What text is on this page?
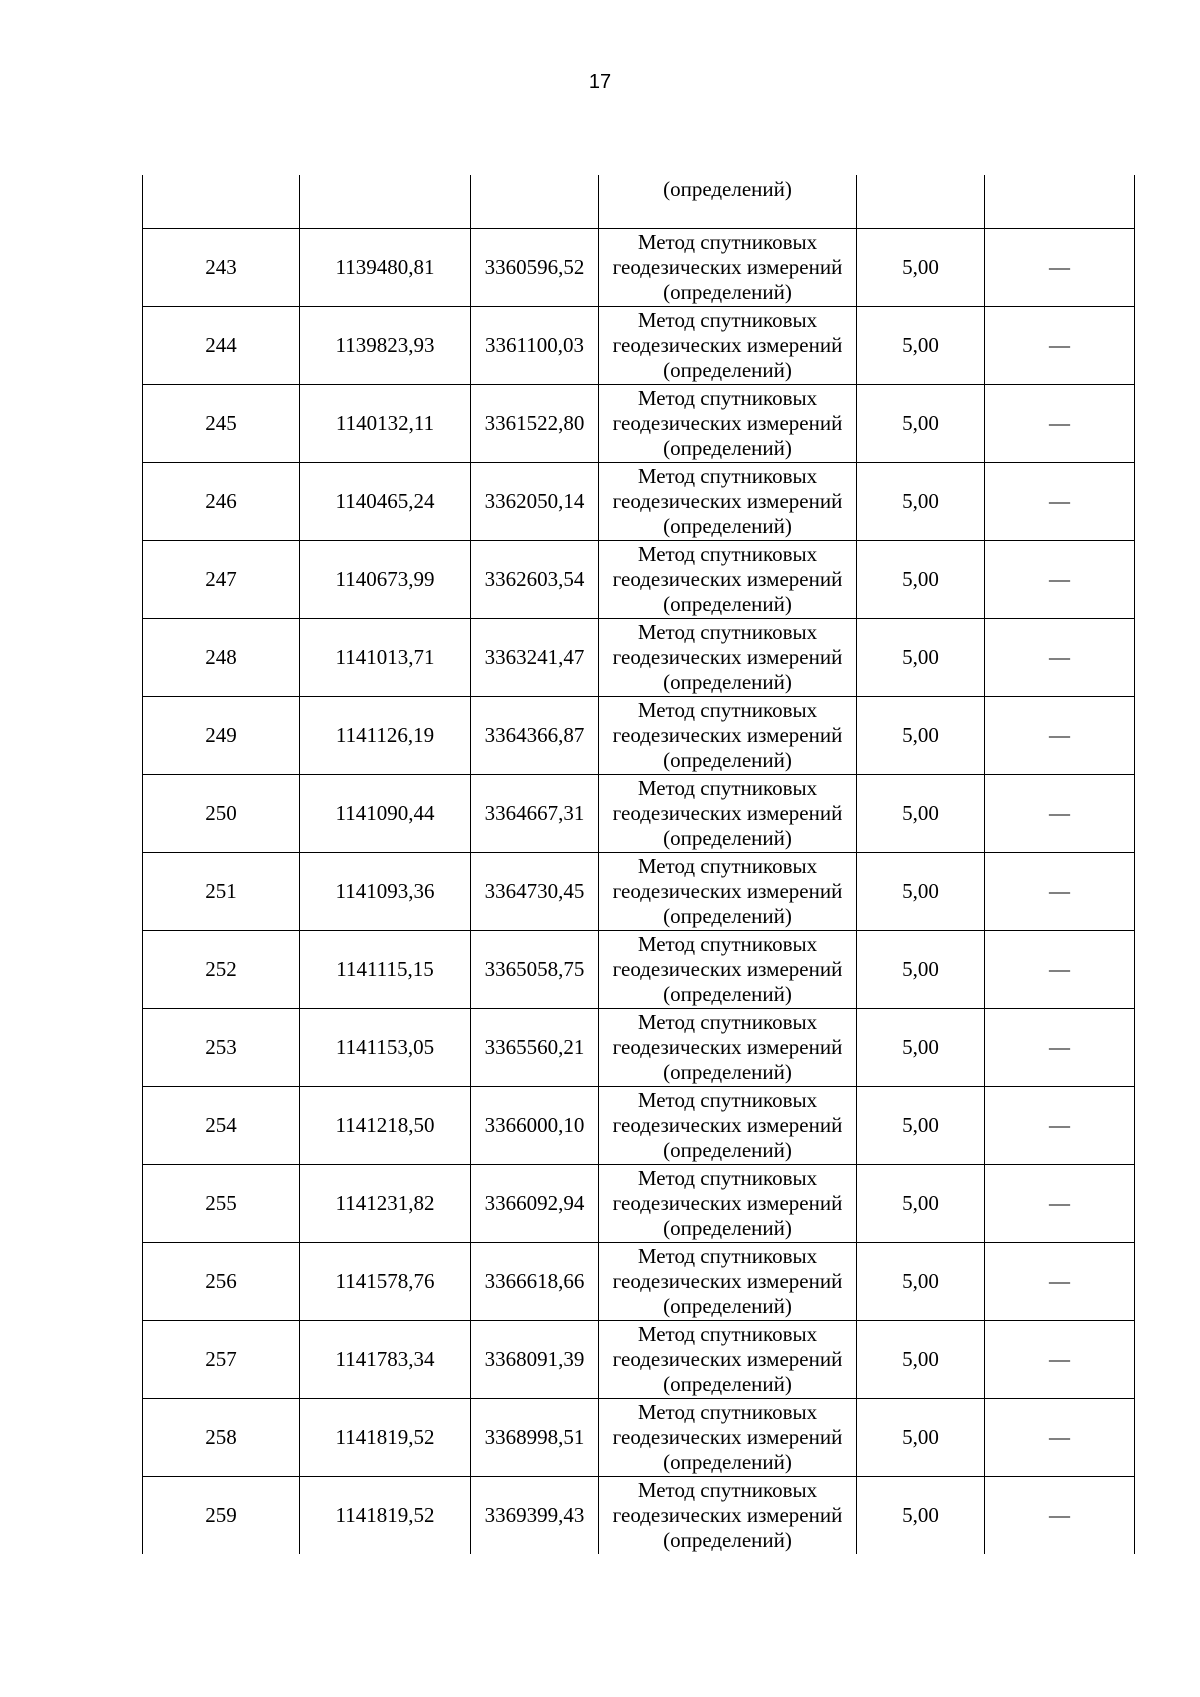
17

			(определений)		

243	1139480,81	3360596,52	Метод спутниковых
геодезических измерений
(определений)	5,00	—
244	1139823,93	3361100,03	Метод спутниковых
геодезических измерений
(определений)	5,00	—
245	1140132,11	3361522,80	Метод спутниковых
геодезических измерений
(определений)	5,00	—
246	1140465,24	3362050,14	Метод спутниковых
геодезических измерений
(определений)	5,00	—
247	1140673,99	3362603,54	Метод спутниковых
геодезических измерений
(определений)	5,00	—
248	1141013,71	3363241,47	Метод спутниковых
геодезических измерений
(определений)	5,00	—
249	1141126,19	3364366,87	Метод спутниковых
геодезических измерений
(определений)	5,00	—
250	1141090,44	3364667,31	Метод спутниковых
геодезических измерений
(определений)	5,00	—
251	1141093,36	3364730,45	Метод спутниковых
геодезических измерений
(определений)	5,00	—
252	1141115,15	3365058,75	Метод спутниковых
геодезических измерений
(определений)	5,00	—
253	1141153,05	3365560,21	Метод спутниковых
геодезических измерений
(определений)	5,00	—
254	1141218,50	3366000,10	Метод спутниковых
геодезических измерений
(определений)	5,00	—
255	1141231,82	3366092,94	Метод спутниковых
геодезических измерений
(определений)	5,00	—
256	1141578,76	3366618,66	Метод спутниковых
геодезических измерений
(определений)	5,00	—
257	1141783,34	3368091,39	Метод спутниковых
геодезических измерений
(определений)	5,00	—
258	1141819,52	3368998,51	Метод спутниковых
геодезических измерений
(определений)	5,00	—
259	1141819,52	3369399,43	Метод спутниковых
геодезических измерений
(определений)	5,00	—
